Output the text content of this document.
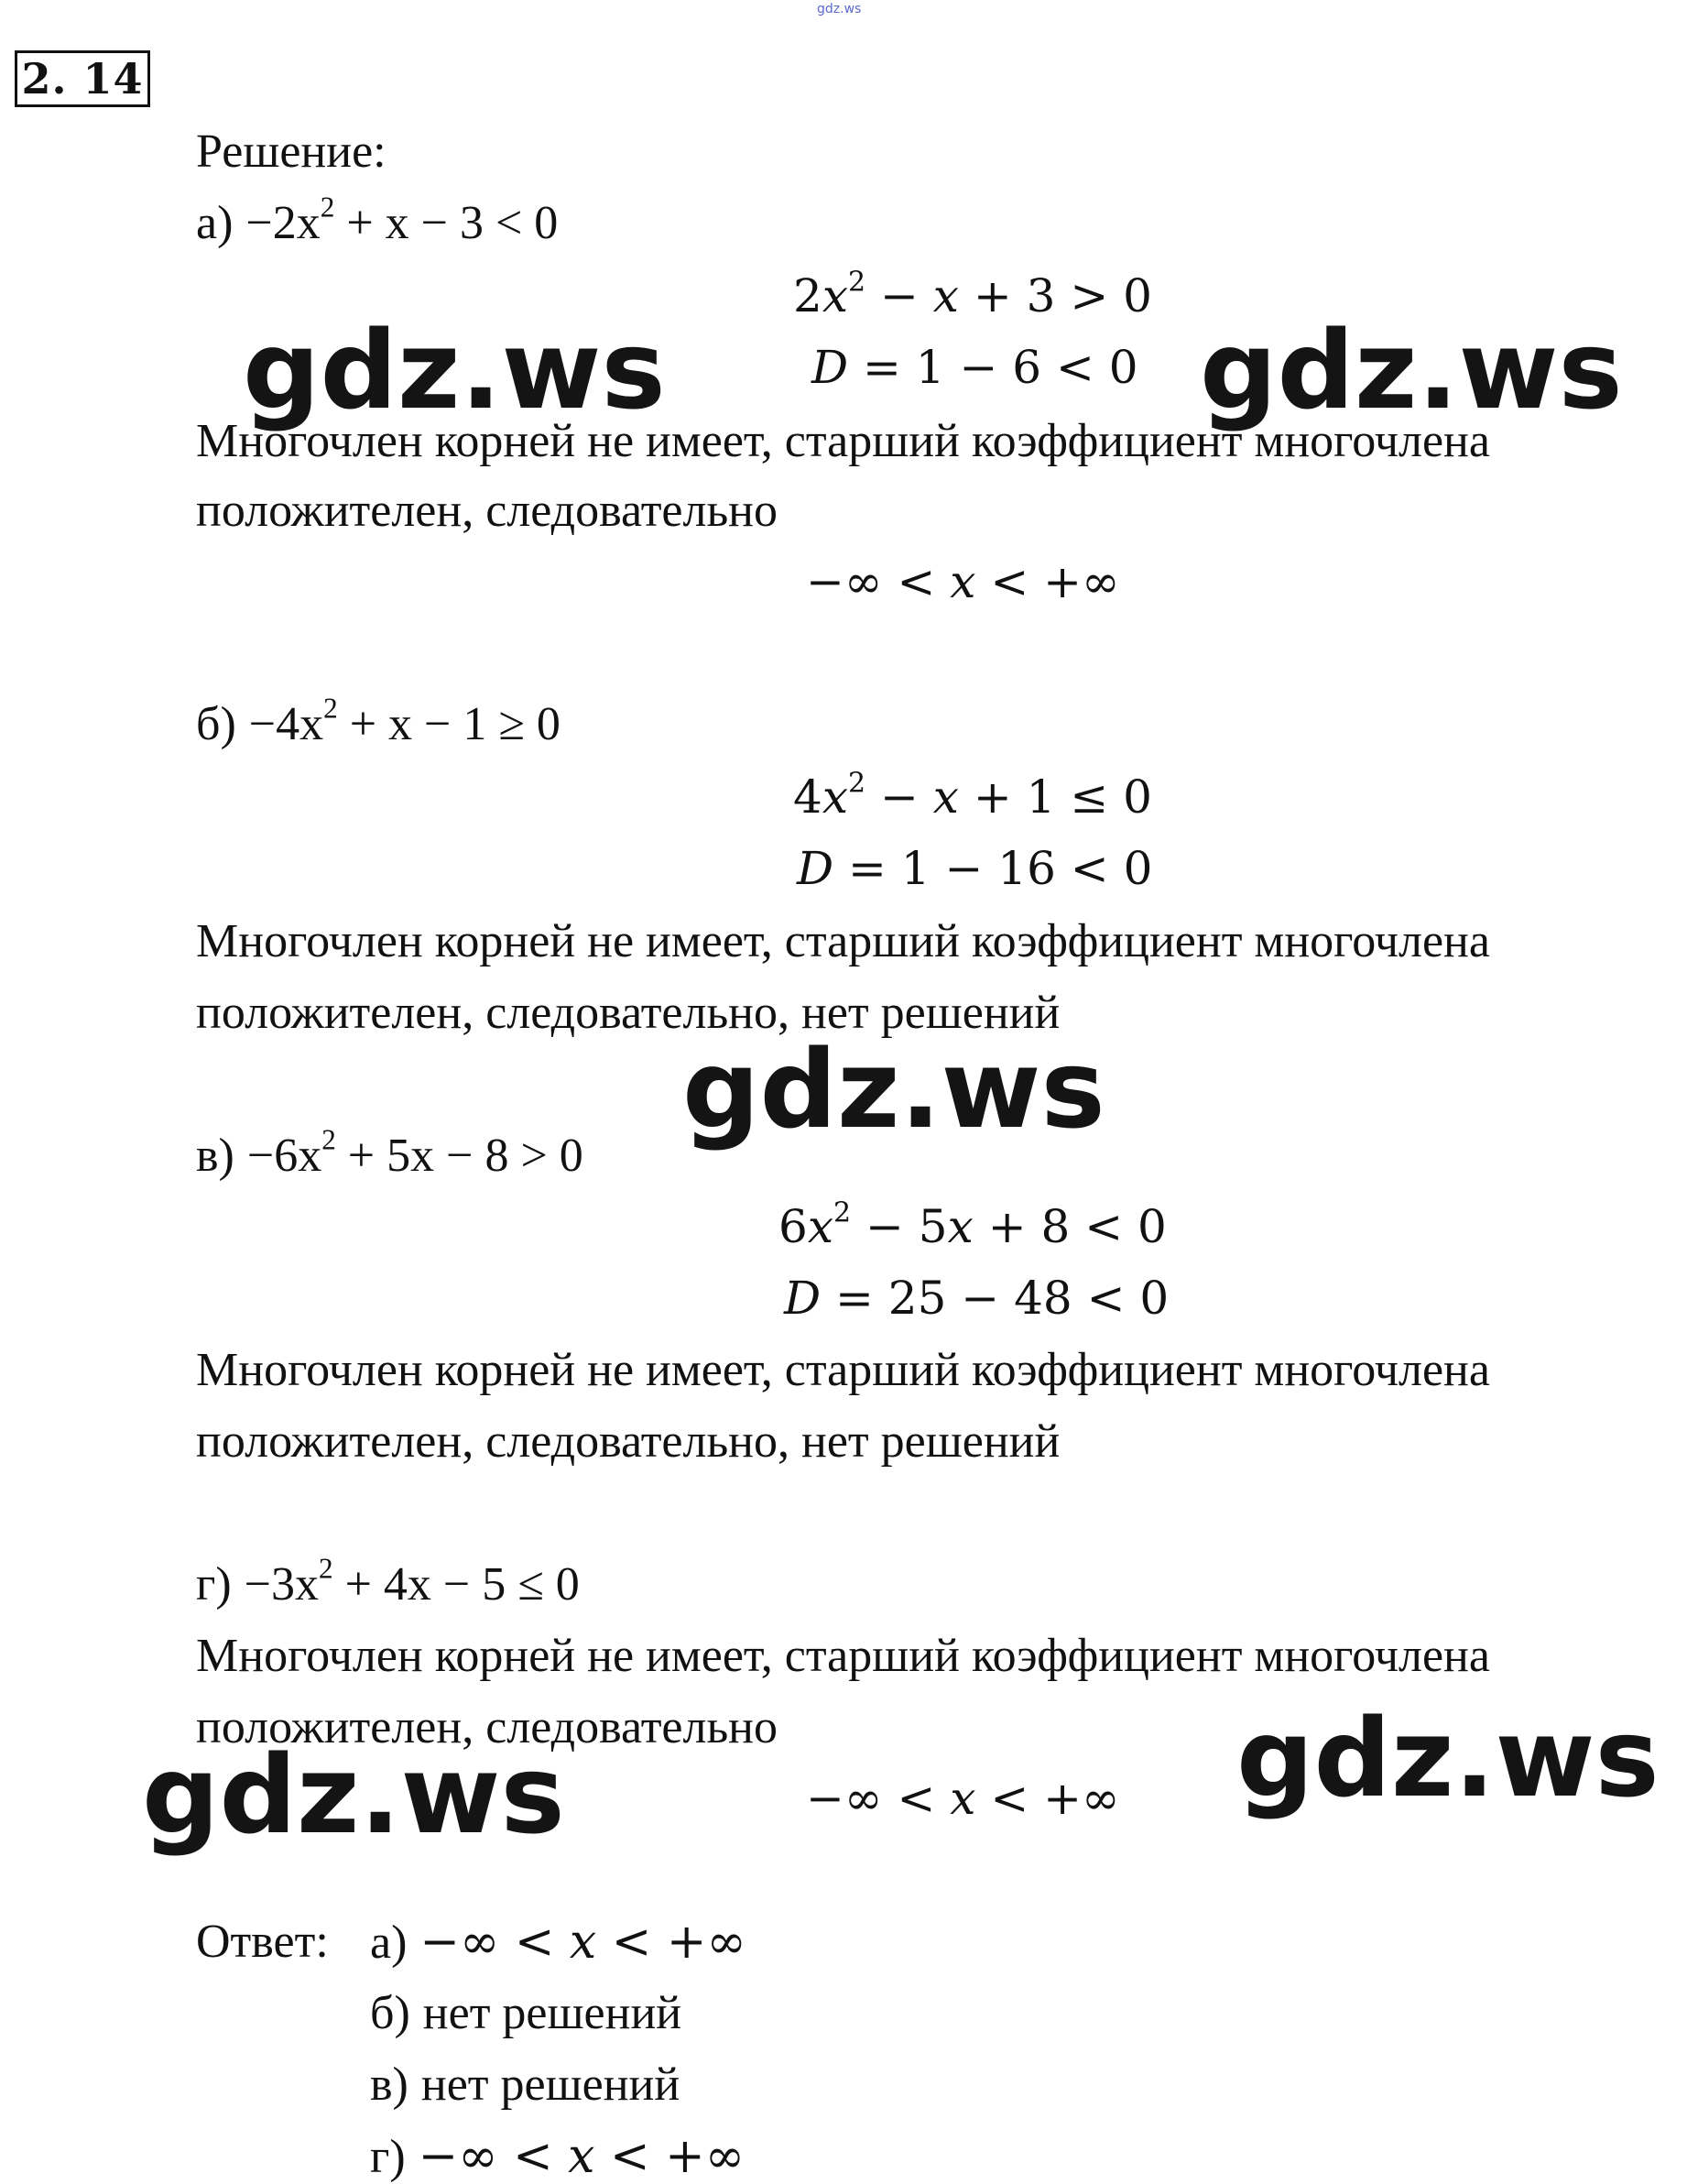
gdz.ws
2. 14
Решение:
$а) -2x^2 + x - 3 < 0$
$2x^2 - x + 3 > 0$
D = 1 − 6 < 0
Многочлен корней не имеет, старший коэффициент многочлена
положителен, следовательно
−∞ < x < +∞
$б) -4x^2 + x - 1 \ge 0$
$4x^2 - x + 1 \le 0$
D = 1 − 16 < 0
Многочлен корней не имеет, старший коэффициент многочлена
положителен, следовательно, нет решений
$в) -6x^2 + 5x - 8 > 0$
$6x^2 - 5x + 8 < 0$
D = 25 − 48 < 0
Многочлен корней не имеет, старший коэффициент многочлена
положителен, следовательно, нет решений
$г) -3x^2 + 4x - 5 \le 0$
Многочлен корней не имеет, старший коэффициент многочлена
положителен, следовательно
−∞ < x < +∞
Ответ: а) −∞ < x < +∞
б) нет решений
в) нет решений
г) −∞ < x < +∞
gdz.ws	gdz.ws
gdz.ws
gdz.ws
gdz.ws
